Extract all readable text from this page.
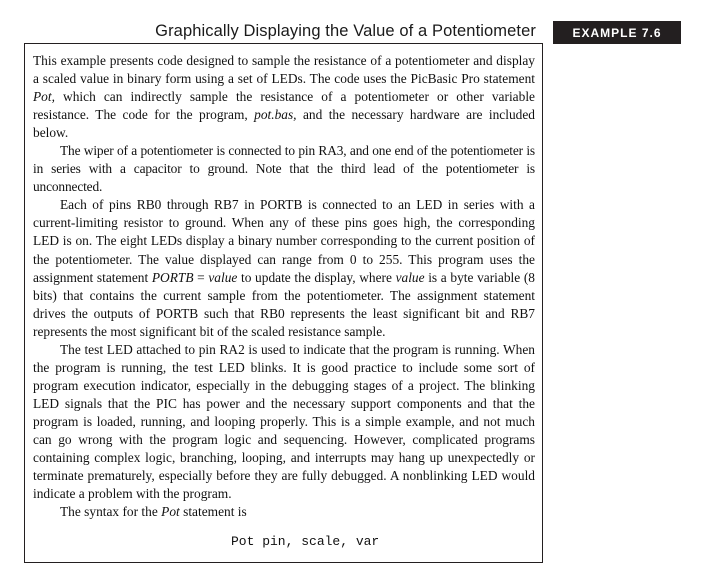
Graphically Displaying the Value of a Potentiometer	EXAMPLE 7.6

This example presents code designed to sample the resistance of a potentiometer and display a scaled value in binary form using a set of LEDs. The code uses the PicBasic Pro statement Pot, which can indirectly sample the resistance of a potentiometer or other variable resistance. The code for the program, pot.bas, and the necessary hardware are included below.

The wiper of a potentiometer is connected to pin RA3, and one end of the potentiometer is in series with a capacitor to ground. Note that the third lead of the potentiometer is unconnected.

Each of pins RB0 through RB7 in PORTB is connected to an LED in series with a current-limiting resistor to ground. When any of these pins goes high, the corresponding LED is on. The eight LEDs display a binary number corresponding to the current position of the potentiometer. The value displayed can range from 0 to 255. This program uses the assignment statement PORTB = value to update the display, where value is a byte variable (8 bits) that contains the current sample from the potentiometer. The assignment statement drives the outputs of PORTB such that RB0 represents the least significant bit and RB7 represents the most significant bit of the scaled resistance sample.

The test LED attached to pin RA2 is used to indicate that the program is running. When the program is running, the test LED blinks. It is good practice to include some sort of program execution indicator, especially in the debugging stages of a project. The blinking LED signals that the PIC has power and the necessary support components and that the program is loaded, running, and looping properly. This is a simple example, and not much can go wrong with the program logic and sequencing. However, complicated programs containing complex logic, branching, looping, and interrupts may hang up unexpectedly or terminate prematurely, especially before they are fully debugged. A nonblinking LED would indicate a problem with the program.

The syntax for the Pot statement is

Pot pin, scale, var
